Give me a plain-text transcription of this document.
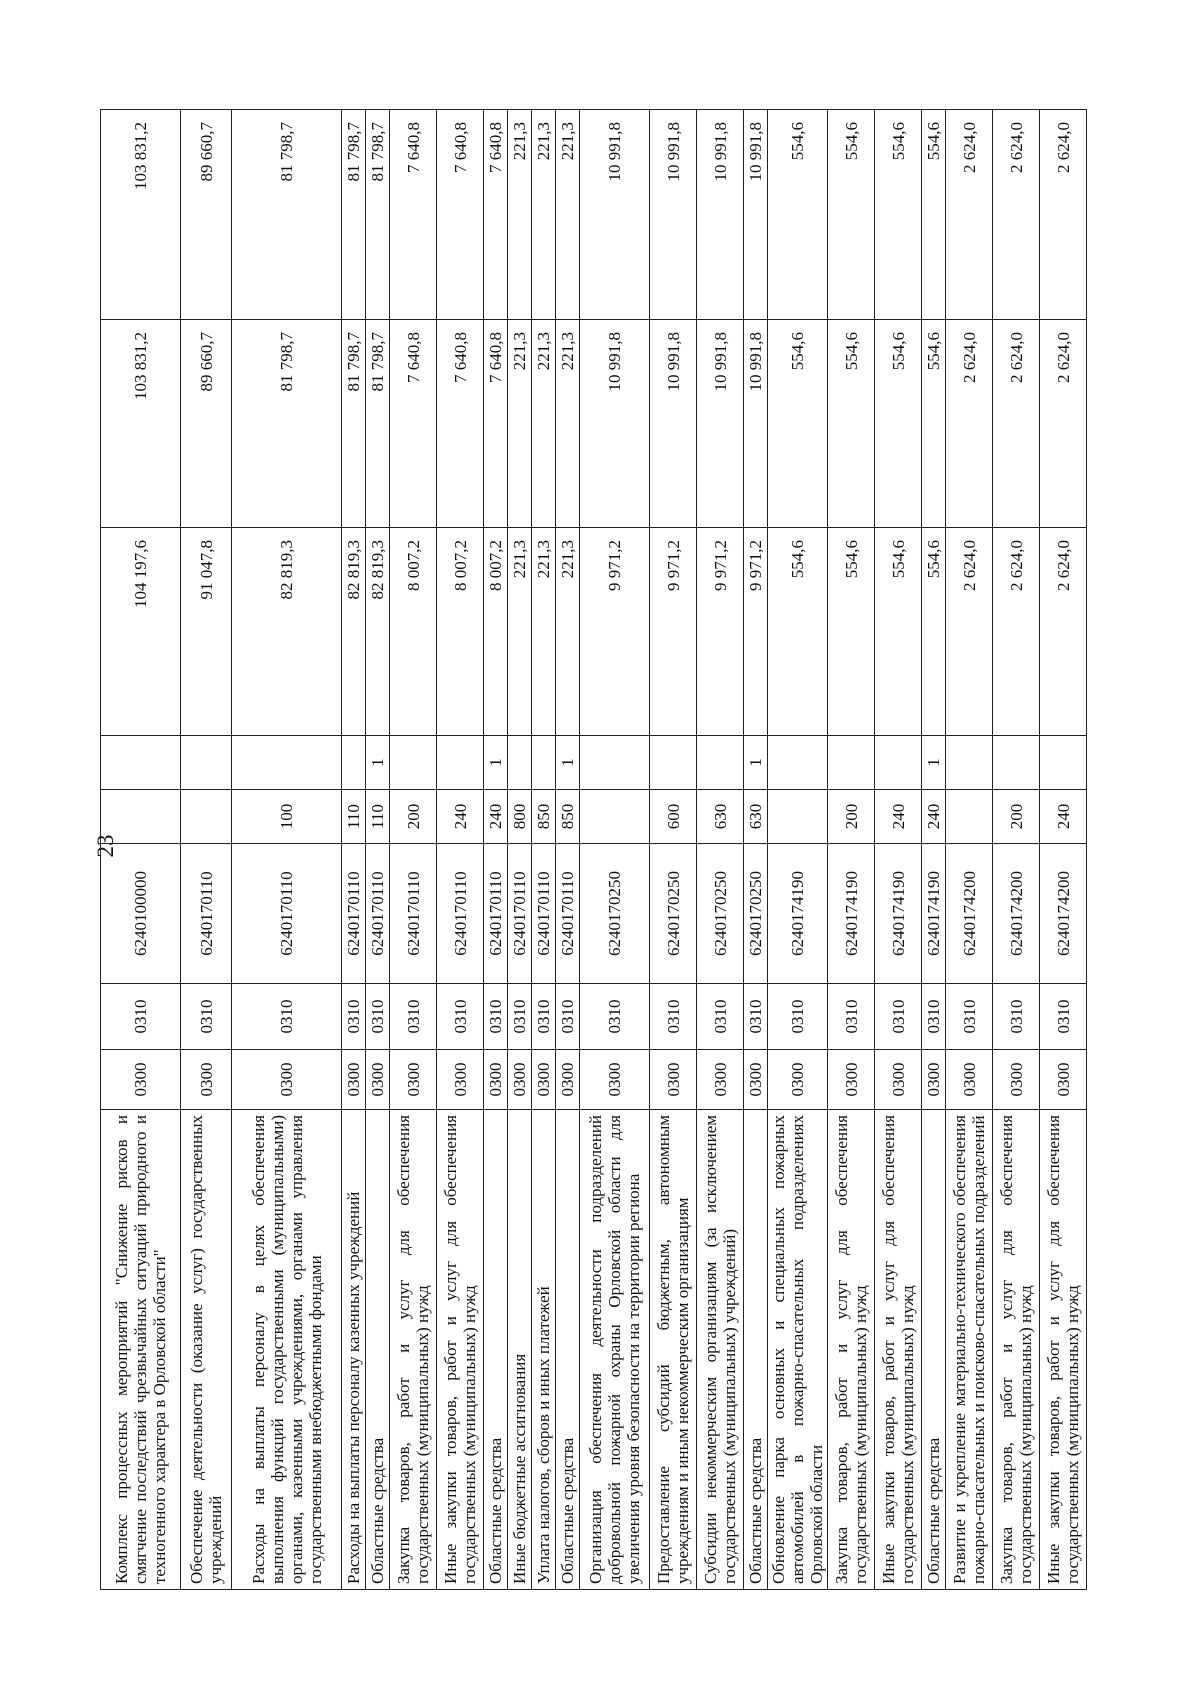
23
Комплекс процессных мероприятий "Снижение рисков и смягчение последствий чрезвычайных ситуаций природного и техногенного характера в Орловской области"	0300	0310	6240100000			104 197,6	103 831,2	103 831,2
Обеспечение деятельности (оказание услуг) государственных учреждений	0300	0310	6240170110			91 047,8	89 660,7	89 660,7
Расходы на выплаты персоналу в целях обеспечения выполнения функций государственными (муниципальными) органами, казенными учреждениями, органами управления государственными внебюджетными фондами	0300	0310	6240170110	100		82 819,3	81 798,7	81 798,7
Расходы на выплаты персоналу казенных учреждений	0300	0310	6240170110	110		82 819,3	81 798,7	81 798,7
Областные средства	0300	0310	6240170110	110	1	82 819,3	81 798,7	81 798,7
Закупка товаров, работ и услуг для обеспечения государственных (муниципальных) нужд	0300	0310	6240170110	200		8 007,2	7 640,8	7 640,8
Иные закупки товаров, работ и услуг для обеспечения государственных (муниципальных) нужд	0300	0310	6240170110	240		8 007,2	7 640,8	7 640,8
Областные средства	0300	0310	6240170110	240	1	8 007,2	7 640,8	7 640,8
Иные бюджетные ассигнования	0300	0310	6240170110	800		221,3	221,3	221,3
Уплата налогов, сборов и иных платежей	0300	0310	6240170110	850		221,3	221,3	221,3
Областные средства	0300	0310	6240170110	850	1	221,3	221,3	221,3
Организация обеспечения деятельности подразделений добровольной пожарной охраны Орловской области для увеличения уровня безопасности на территории региона	0300	0310	6240170250			9 971,2	10 991,8	10 991,8
Предоставление субсидий бюджетным, автономным учреждениям и иным некоммерческим организациям	0300	0310	6240170250	600		9 971,2	10 991,8	10 991,8
Субсидии некоммерческим организациям (за исключением государственных (муниципальных) учреждений)	0300	0310	6240170250	630		9 971,2	10 991,8	10 991,8
Областные средства	0300	0310	6240170250	630	1	9 971,2	10 991,8	10 991,8
Обновление парка основных и специальных пожарных автомобилей в пожарно-спасательных подразделениях Орловской области	0300	0310	6240174190			554,6	554,6	554,6
Закупка товаров, работ и услуг для обеспечения государственных (муниципальных) нужд	0300	0310	6240174190	200		554,6	554,6	554,6
Иные закупки товаров, работ и услуг для обеспечения государственных (муниципальных) нужд	0300	0310	6240174190	240		554,6	554,6	554,6
Областные средства	0300	0310	6240174190	240	1	554,6	554,6	554,6
Развитие и укрепление материально-технического обеспечения пожарно-спасательных и поисково-спасательных подразделений	0300	0310	6240174200			2 624,0	2 624,0	2 624,0
Закупка товаров, работ и услуг для обеспечения государственных (муниципальных) нужд	0300	0310	6240174200	200		2 624,0	2 624,0	2 624,0
Иные закупки товаров, работ и услуг для обеспечения государственных (муниципальных) нужд	0300	0310	6240174200	240		2 624,0	2 624,0	2 624,0
